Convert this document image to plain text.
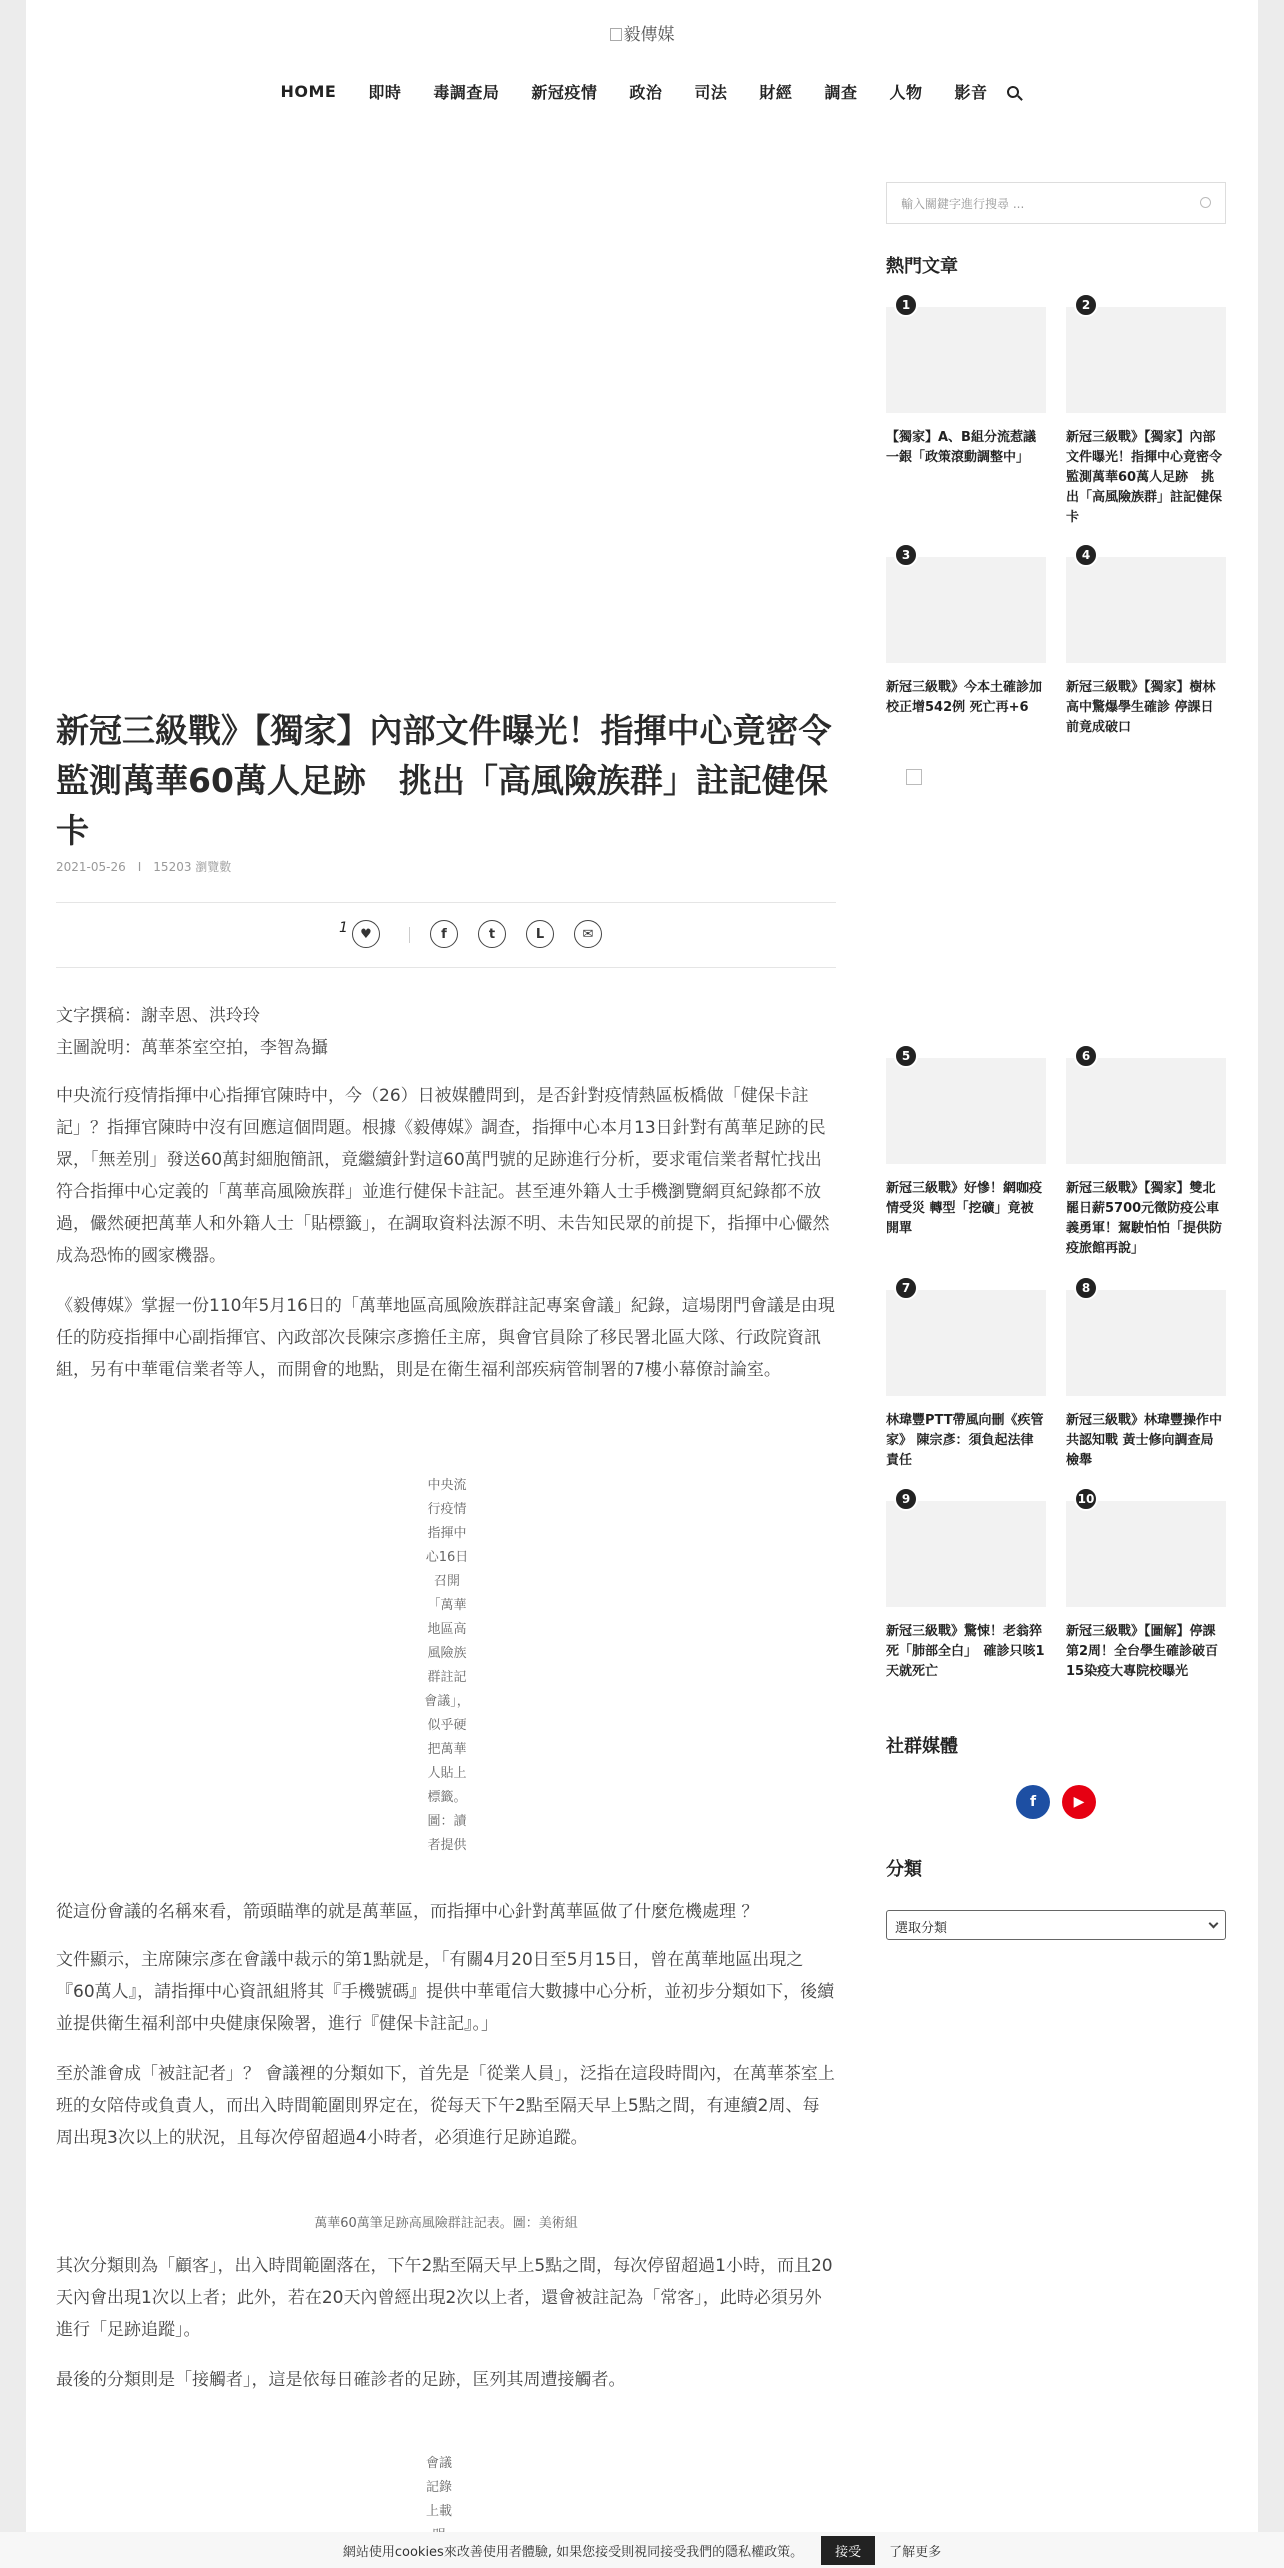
毅傳媒
HOME 即時 毒調查局 新冠疫情 政治 司法 財經 調查 人物 影音
新冠三級戰》【獨家】內部文件曝光！指揮中心竟密令監測萬華60萬人足跡　挑出「高風險族群」註記健保卡
2021-05-26 I 15203 瀏覽數
1 ♥	f	t	L	✉
文字撰稿：謝幸恩、洪玲玲
主圖說明：萬華茶室空拍，李智為攝

中央流行疫情指揮中心指揮官陳時中，今（26）日被媒體問到，是否針對疫情熱區板橋做「健保卡註記」？指揮官陳時中沒有回應這個問題。根據《毅傳媒》調查，指揮中心本月13日針對有萬華足跡的民眾，「無差別」發送60萬封細胞簡訊，竟繼續針對這60萬門號的足跡進行分析，要求電信業者幫忙找出符合指揮中心定義的「萬華高風險族群」並進行健保卡註記。甚至連外籍人士手機瀏覽網頁紀錄都不放過，儼然硬把萬華人和外籍人士「貼標籤」，在調取資料法源不明、未告知民眾的前提下，指揮中心儼然成為恐怖的國家機器。

《毅傳媒》掌握一份110年5月16日的「萬華地區高風險族群註記專案會議」紀錄，這場閉門會議是由現任的防疫指揮中心副指揮官、內政部次長陳宗彥擔任主席，與會官員除了移民署北區大隊、行政院資訊組，另有中華電信業者等人，而開會的地點，則是在衛生福利部疾病管制署的7樓小幕僚討論室。

中央流行疫情指揮中心16日召開「萬華地區高風險族群註記會議」，似乎硬把萬華人貼上標籤。圖：讀者提供

從這份會議的名稱來看，箭頭瞄準的就是萬華區，而指揮中心針對萬華區做了什麼危機處理 ？

文件顯示，主席陳宗彥在會議中裁示的第1點就是，「有關4月20日至5月15日，曾在萬華地區出現之『60萬人』，請指揮中心資訊組將其『手機號碼』提供中華電信大數據中心分析，並初步分類如下，後續並提供衛生福利部中央健康保險署，進行『健保卡註記』。」

至於誰會成「被註記者」？ 會議裡的分類如下，首先是「從業人員」，泛指在這段時間內，在萬華茶室上班的女陪侍或負責人，而出入時間範圍則界定在，從每天下午2點至隔天早上5點之間，有連續2周、每周出現3次以上的狀況，且每次停留超過4小時者，必須進行足跡追蹤。

萬華60萬筆足跡高風險群註記表。圖：美術組

其次分類則為「顧客」，出入時間範圍落在，下午2點至隔天早上5點之間，每次停留超過1小時，而且20天內會出現1次以上者；此外，若在20天內曾經出現2次以上者，還會被註記為「常客」，此時必須另外進行「足跡追蹤」。

最後的分類則是「接觸者」，這是依每日確診者的足跡，匡列其周遭接觸者。

會議記錄上載
輸入關鍵字進行搜尋 ...
熱門文章
1
【獨家】A、B組分流惹議　一銀「政策滾動調整中」
2
新冠三級戰》【獨家】內部文件曝光！指揮中心竟密令監測萬華60萬人足跡　挑出「高風險族群」註記健保卡
3
新冠三級戰》今本土確診加校正增542例 死亡再+6
4
新冠三級戰》【獨家】樹林高中驚爆學生確診 停課日前竟成破口
5
新冠三級戰》好慘！網咖疫情受災 轉型「挖礦」竟被開單
6
新冠三級戰》【獨家】雙北罷日薪5700元徵防疫公車義勇軍！駕駛怕怕「提供防疫旅館再說」
7
林瑋豐PTT帶風向刪《疾管家》 陳宗彥：須負起法律責任
8
新冠三級戰》林瑋豐操作中共認知戰 黃士修向調查局檢舉
9
新冠三級戰》驚悚！老翁猝死「肺部全白」　確診只咳1天就死亡
10
新冠三級戰》【圖解】停課第2周！全台學生確診破百　15染疫大專院校曝光
社群媒體
f	▶
分類
選取分類
網站使用cookies來改善使用者體驗, 如果您接受則視同接受我們的隱私權政策。	接受	了解更多
